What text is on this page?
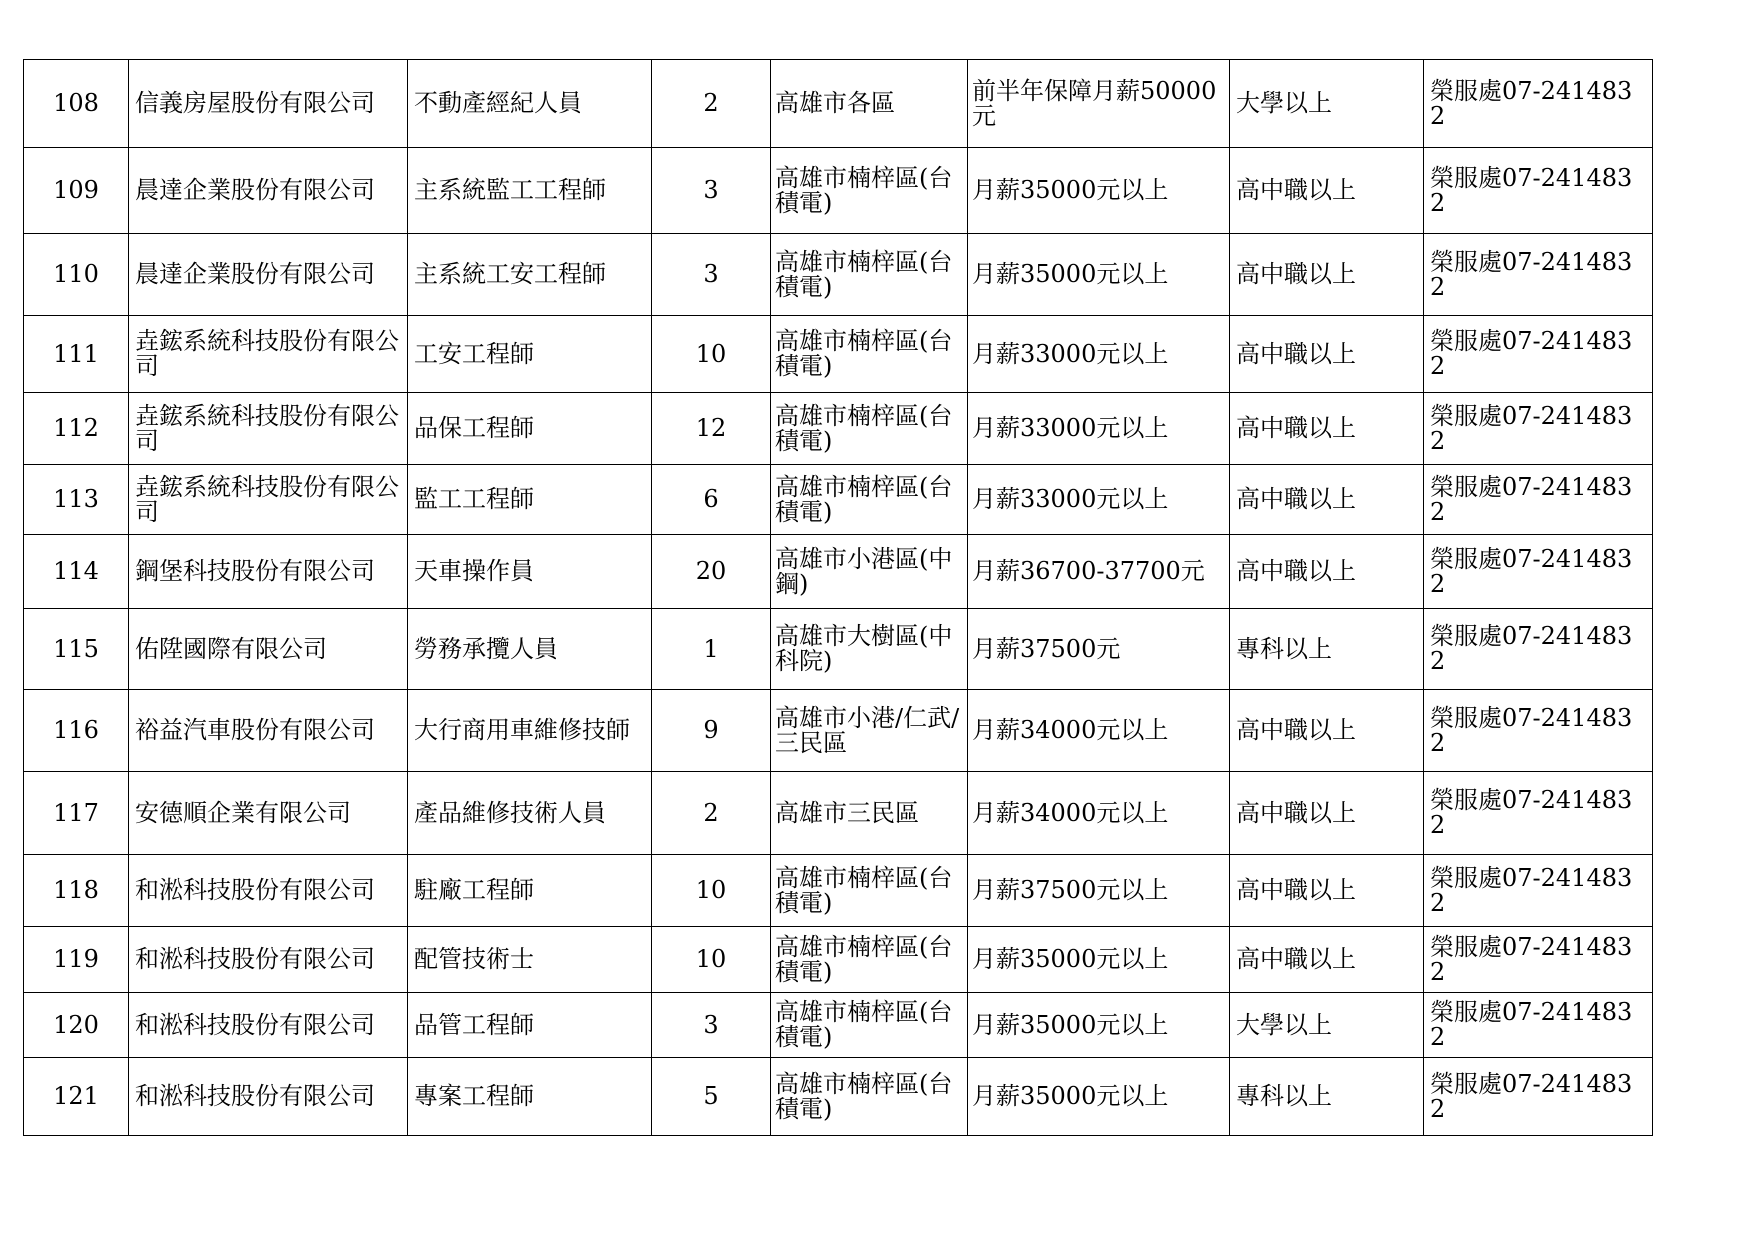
108	信義房屋股份有限公司	不動產經紀人員	2	高雄市各區	前半年保障月薪50000元	大學以上	榮服處07-2414832
109	晨達企業股份有限公司	主系統監工工程師	3	高雄市楠梓區(台積電)	月薪35000元以上	高中職以上	榮服處07-2414832
110	晨達企業股份有限公司	主系統工安工程師	3	高雄市楠梓區(台積電)	月薪35000元以上	高中職以上	榮服處07-2414832
111	垚鋐系統科技股份有限公司	工安工程師	10	高雄市楠梓區(台積電)	月薪33000元以上	高中職以上	榮服處07-2414832
112	垚鋐系統科技股份有限公司	品保工程師	12	高雄市楠梓區(台積電)	月薪33000元以上	高中職以上	榮服處07-2414832
113	垚鋐系統科技股份有限公司	監工工程師	6	高雄市楠梓區(台積電)	月薪33000元以上	高中職以上	榮服處07-2414832
114	鋼堡科技股份有限公司	天車操作員	20	高雄市小港區(中鋼)	月薪36700-37700元	高中職以上	榮服處07-2414832
115	佑陞國際有限公司	勞務承攬人員	1	高雄市大樹區(中科院)	月薪37500元	專科以上	榮服處07-2414832
116	裕益汽車股份有限公司	大行商用車維修技師	9	高雄市小港/仁武/三民區	月薪34000元以上	高中職以上	榮服處07-2414832
117	安德順企業有限公司	產品維修技術人員	2	高雄市三民區	月薪34000元以上	高中職以上	榮服處07-2414832
118	和淞科技股份有限公司	駐廠工程師	10	高雄市楠梓區(台積電)	月薪37500元以上	高中職以上	榮服處07-2414832
119	和淞科技股份有限公司	配管技術士	10	高雄市楠梓區(台積電)	月薪35000元以上	高中職以上	榮服處07-2414832
120	和淞科技股份有限公司	品管工程師	3	高雄市楠梓區(台積電)	月薪35000元以上	大學以上	榮服處07-2414832
121	和淞科技股份有限公司	專案工程師	5	高雄市楠梓區(台積電)	月薪35000元以上	專科以上	榮服處07-2414832
